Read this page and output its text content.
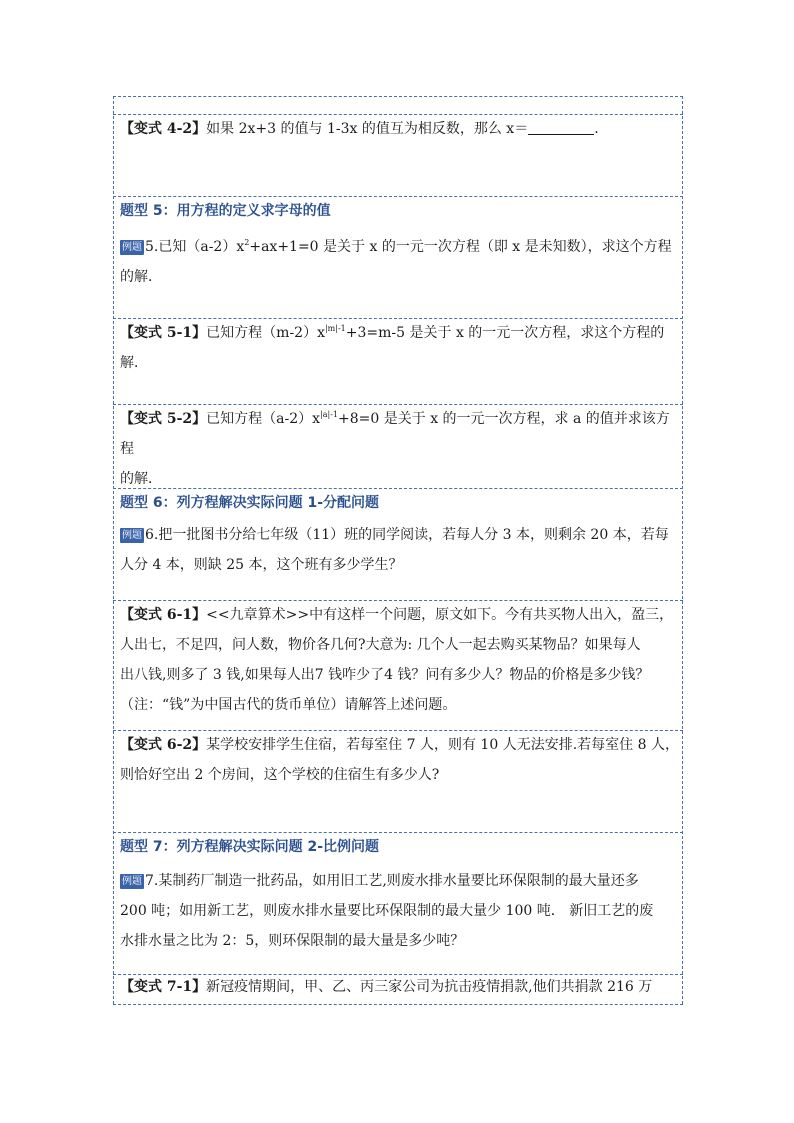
【变式 4-2】如果 2x+3 的值与 1-3x 的值互为相反数，那么 x＝	.
题型 5：用方程的定义求字母的值
例题 5.已知$(a-2)x^2+ax+1=0$ 是关于 x 的一元一次方程（即 x 是未知数），求这个方程
的解．
【变式 5-1】已知方程$(m-2)x^{|m|-1}+3=m-5$ 是关于 x 的一元一次方程，求这个方程的
解．
【变式 5-2】已知方程$(a-2)x^{|a|-1}+8=0$ 是关于 x 的一元一次方程，求 a 的值并求该方程
的解．
题型 6：列方程解决实际问题 1-分配问题
例题 6.把一批图书分给七年级（11）班的同学阅读，若每人分 3 本，则剩余 20 本，若每
人分 4 本，则缺 25 本，这个班有多少学生？
【变式 6-1】<<九章算术>>中有这样一个问题，原文如下。今有共买物人出入，盈三，
人出七，不足四，问人数，物价各几何?大意为: 几个人一起去购买某物品？如果每人
出八钱,则多了 3 钱,如果每人出7 钱咋少了4 钱？问有多少人？物品的价格是多少钱？
（注：“钱”为中国古代的货币单位）请解答上述问题。
【变式 6-2】某学校安排学生住宿，若每室住 7 人，则有 10 人无法安排.若每室住 8 人，
则恰好空出 2 个房间，这个学校的住宿生有多少人?
题型 7：列方程解决实际问题 2-比例问题
例题 7.某制药厂制造一批药品，如用旧工艺,则废水排水量要比环保限制的最大量还多
200 吨；如用新工艺，则废水排水量要比环保限制的最大量少 100 吨． 新旧工艺的废
水排水量之比为 2：5，则环保限制的最大量是多少吨？
【变式 7-1】新冠疫情期间，甲、乙、丙三家公司为抗击疫情捐款,他们共捐款 216 万
